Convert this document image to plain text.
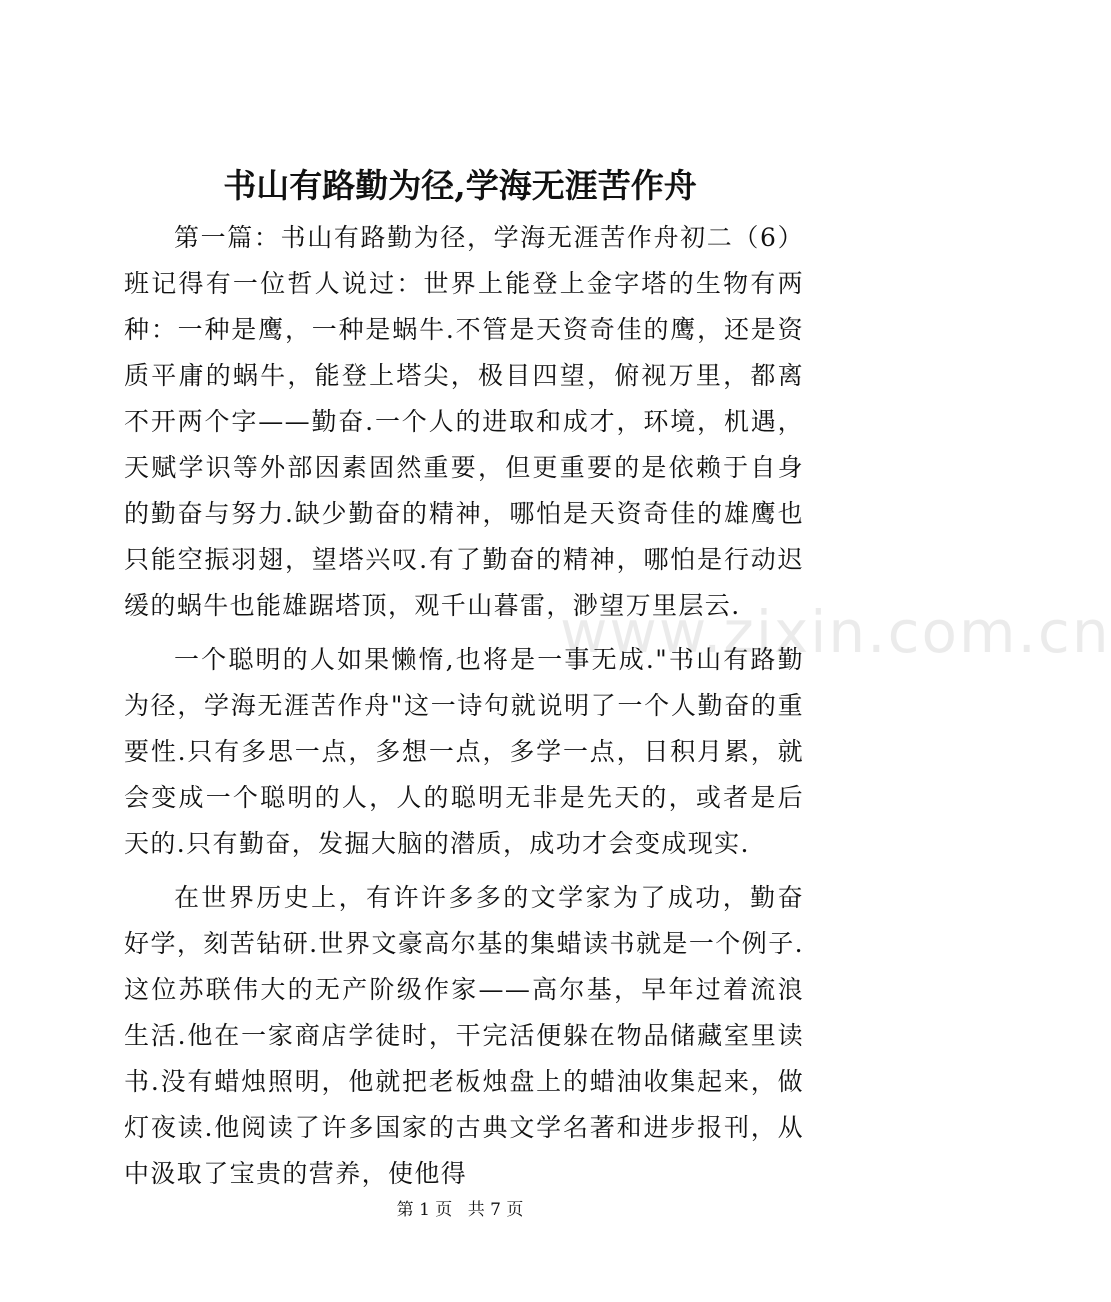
书山有路勤为径,学海无涯苦作舟

第一篇：书山有路勤为径，学海无涯苦作舟初二（6）班记得有一位哲人说过：世界上能登上金字塔的生物有两种：一种是鹰，一种是蜗牛.不管是天资奇佳的鹰，还是资质平庸的蜗牛，能登上塔尖，极目四望，俯视万里，都离不开两个字——勤奋.一个人的进取和成才，环境，机遇，天赋学识等外部因素固然重要，但更重要的是依赖于自身的勤奋与努力.缺少勤奋的精神，哪怕是天资奇佳的雄鹰也只能空振羽翅，望塔兴叹.有了勤奋的精神，哪怕是行动迟缓的蜗牛也能雄踞塔顶，观千山暮雷，渺望万里层云.

一个聪明的人如果懒惰,也将是一事无成."书山有路勤为径，学海无涯苦作舟"这一诗句就说明了一个人勤奋的重要性.只有多思一点，多想一点，多学一点，日积月累，就会变成一个聪明的人，人的聪明无非是先天的，或者是后天的.只有勤奋，发掘大脑的潜质，成功才会变成现实.

在世界历史上，有许许多多的文学家为了成功，勤奋好学，刻苦钻研.世界文豪高尔基的集蜡读书就是一个例子.这位苏联伟大的无产阶级作家——高尔基，早年过着流浪生活.他在一家商店学徒时，干完活便躲在物品储藏室里读书.没有蜡烛照明，他就把老板烛盘上的蜡油收集起来，做灯夜读.他阅读了许多国家的古典文学名著和进步报刊，从中汲取了宝贵的营养，使他得

www.zixin.com.cn
第 1 页 共 7 页
